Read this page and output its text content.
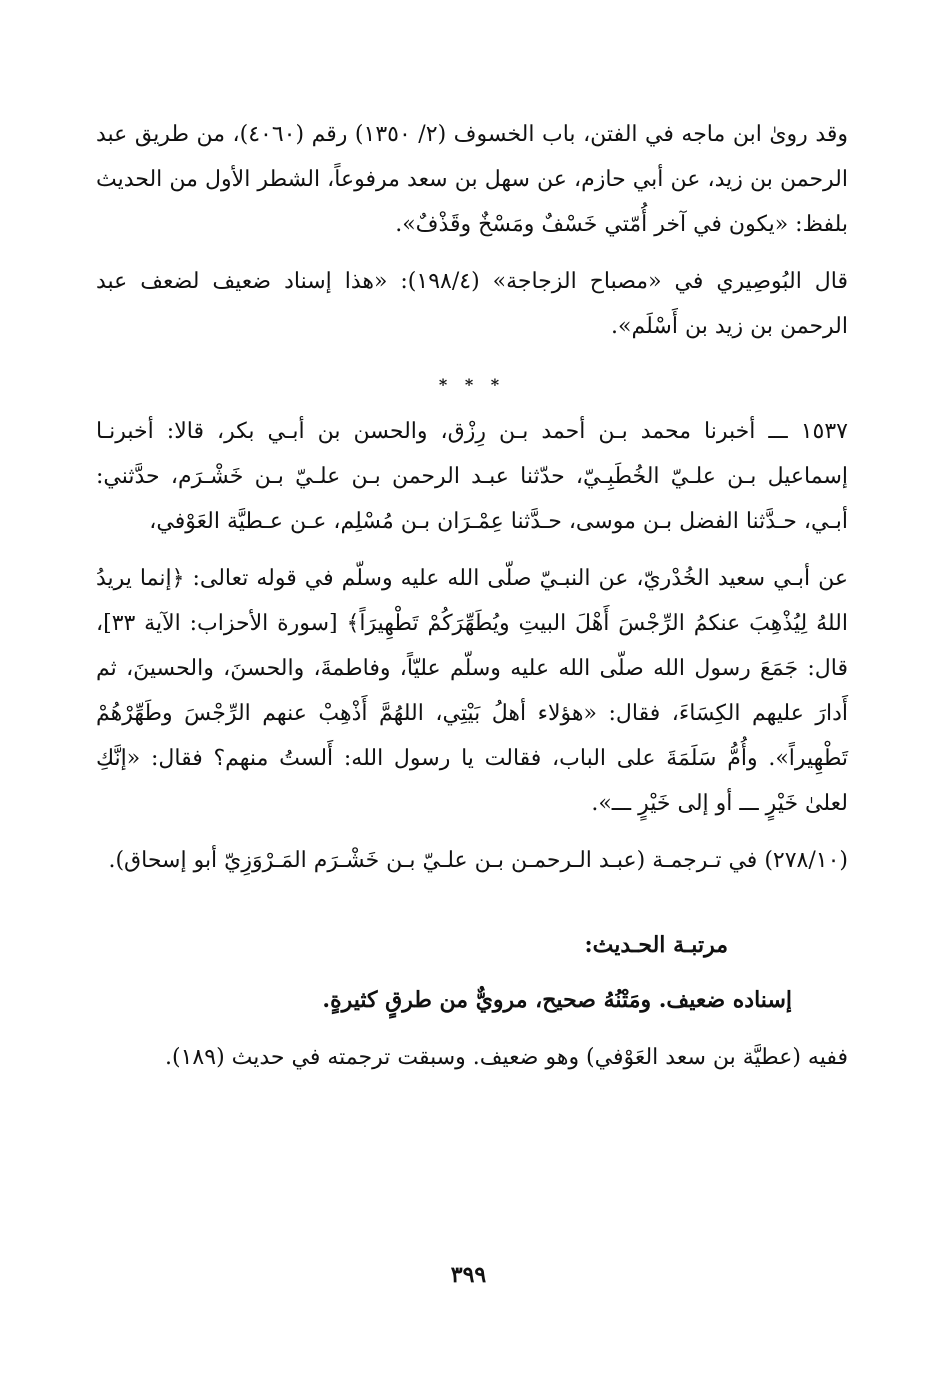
وقد روىٰ ابن ماجه في الفتن، باب الخسوف (٢/ ١٣٥٠) رقم (٤٠٦٠)، من طريق عبد الرحمن بن زيد، عن أبي حازم، عن سهل بن سعد مرفوعاً، الشطر الأول من الحديث بلفظ: «يكون في آخر أُمّتي خَسْفٌ ومَسْخٌ وقَذْفٌ».

قال البُوصِيري في «مصباح الزجاجة» (١٩٨/٤): «هذا إسناد ضعيف لضعف عبد الرحمن بن زيد بن أَسْلَم».

* * *

١٥٣٧ ـــ أخبرنا محمد بـن أحمد بـن رِزْق، والحسن بن أبـي بكر، قالا: أخبرنـا إسماعيل بـن علـيّ الخُطَبِـيّ، حدّثنا عبـد الرحمن بـن علـيّ بـن خَشْـرَم، حدَّثني: أبـي، حـدَّثنا الفضل بـن موسى، حـدَّثنا عِمْـرَان بـن مُسْلِم، عـن عـطيَّة العَوْفي،

عن أبـي سعيد الخُدْريّ، عن النبـيّ صلّى الله عليه وسلّم في قوله تعالى: ﴿إنما يريدُ اللهُ لِيُذْهِبَ عنكمُ الرِّجْسَ أَهْلَ البيتِ ويُطَهِّرَكُمْ تَطْهِيرَاً﴾ [سورة الأحزاب: الآية ٣٣]، قال: جَمَعَ رسول الله صلّى الله عليه وسلّم عليّاً، وفاطمةَ، والحسنَ، والحسينَ، ثم أَدارَ عليهم الكِسَاءَ، فقال: «هؤلاء أهلُ بَيْتِي، اللهُمَّ أَذْهِبْ عنهم الرِّجْسَ وطَهِّرْهُمْ تَطْهِيراً». وأُمُّ سَلَمَةَ على الباب، فقالت يا رسول الله: أَلستُ منهم؟ فقال: «إنَّكِ لعلىٰ خَيْرٍ ـــ أو إلى خَيْرٍ ـــ».

(٢٧٨/١٠) في تـرجمـة (عبـد الـرحمـن بـن علـيّ بـن خَشْـرَم المَـرْوَزِيّ أبو إسحاق).

مرتبـة الحـديث:
إسناده ضعيف. ومَتْنُهُ صحيح، مرويٌّ من طرقٍ كثيرةٍ.

ففيه (عطيَّة بن سعد العَوْفي) وهو ضعيف. وسبقت ترجمته في حديث (١٨٩).

٣٩٩
